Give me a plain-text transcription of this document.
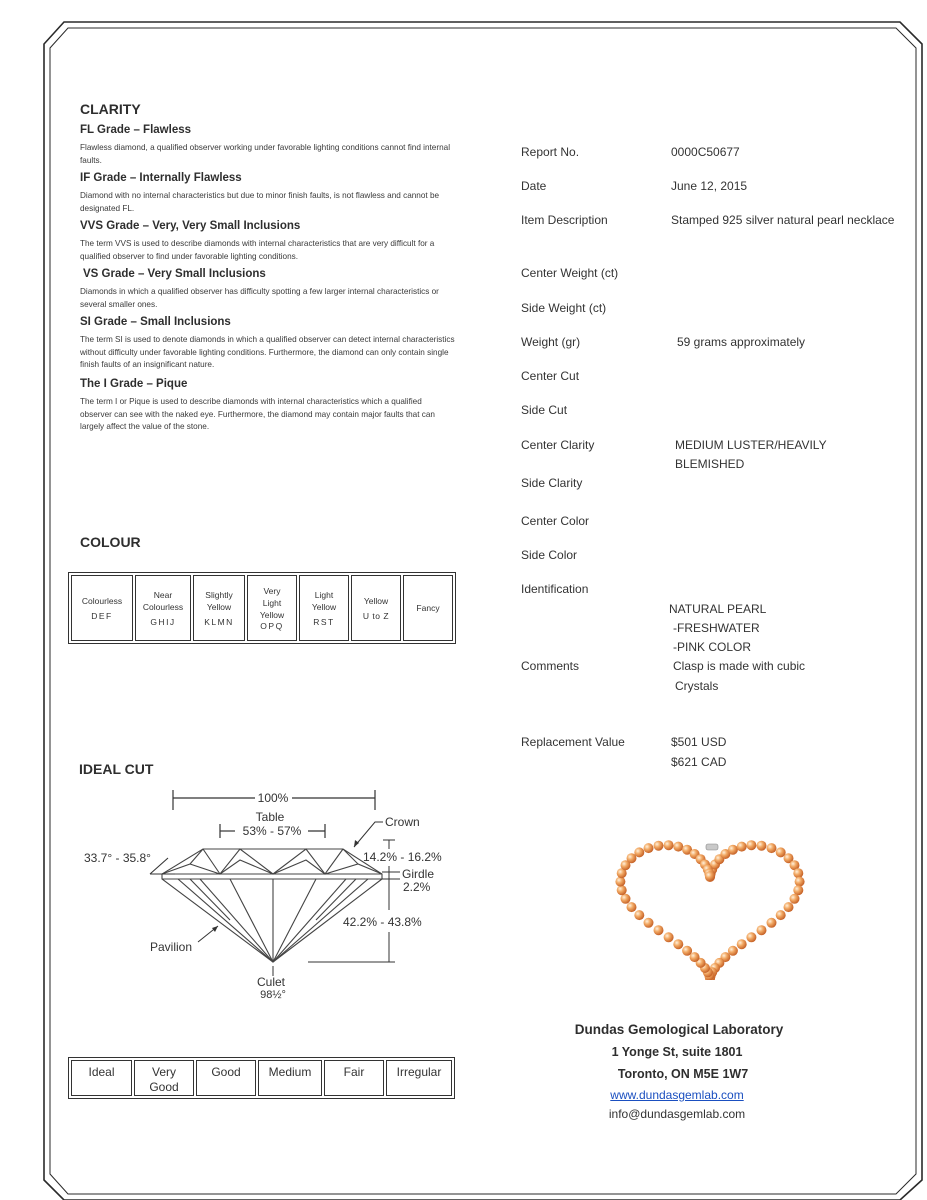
CLARITY
FL Grade – Flawless
Flawless diamond, a qualified observer working under favorable lighting conditions cannot find internal faults.
IF Grade – Internally Flawless
Diamond with no internal characteristics but due to minor finish faults, is not flawless and cannot be designated FL.
VVS Grade – Very, Very Small Inclusions
The term VVS is used to describe diamonds with internal characteristics that are very difficult for a qualified observer to find under favorable lighting conditions.
VS Grade – Very Small Inclusions
Diamonds in which a qualified observer has difficulty spotting a few larger internal characteristics or several smaller ones.
SI Grade – Small Inclusions
The term SI is used to denote diamonds in which a qualified observer can detect internal characteristics without difficulty under favorable lighting conditions. Furthermore, the diamond can only contain single finish faults of an insignificant nature.
The I Grade – Pique
The term I or Pique is used to describe diamonds with internal characteristics which a qualified observer can see with the naked eye. Furthermore, the diamond may contain major faults that can largely affect the value of the stone.
COLOUR
Colourless
DEF

Near Colourless
GHIJ

Slightly Yellow
KLMN

Very Light Yellow
OPQ

Light Yellow
RST

Yellow
U to Z

Fancy
IDEAL CUT
100%
Table
53% - 57%
Crown
33.7° - 35.8°	14.2% - 16.2%
Girdle
2.2%
42.2% - 43.8%
Pavilion
Culet
98½°
Ideal	Very
Good

Good	Medium	Fair	Irregular
Report No.	0000C50677
Date	June 12, 2015
Item Description	Stamped 925 silver natural pearl necklace
Center Weight (ct)
Side Weight (ct)
Weight (gr)	59 grams approximately
Center Cut
Side Cut
Center Clarity	MEDIUM LUSTER/HEAVILY
BLEMISHED
Side Clarity
Center Color
Side Color
Identification
NATURAL PEARL
-FRESHWATER
-PINK COLOR
Comments	Clasp is made with cubic
Crystals
Replacement Value	$501 USD
$621 CAD
Dundas Gemological Laboratory
1 Yonge St, suite 1801
Toronto, ON M5E 1W7
www.dundasgemlab.com
info@dundasgemlab.com
